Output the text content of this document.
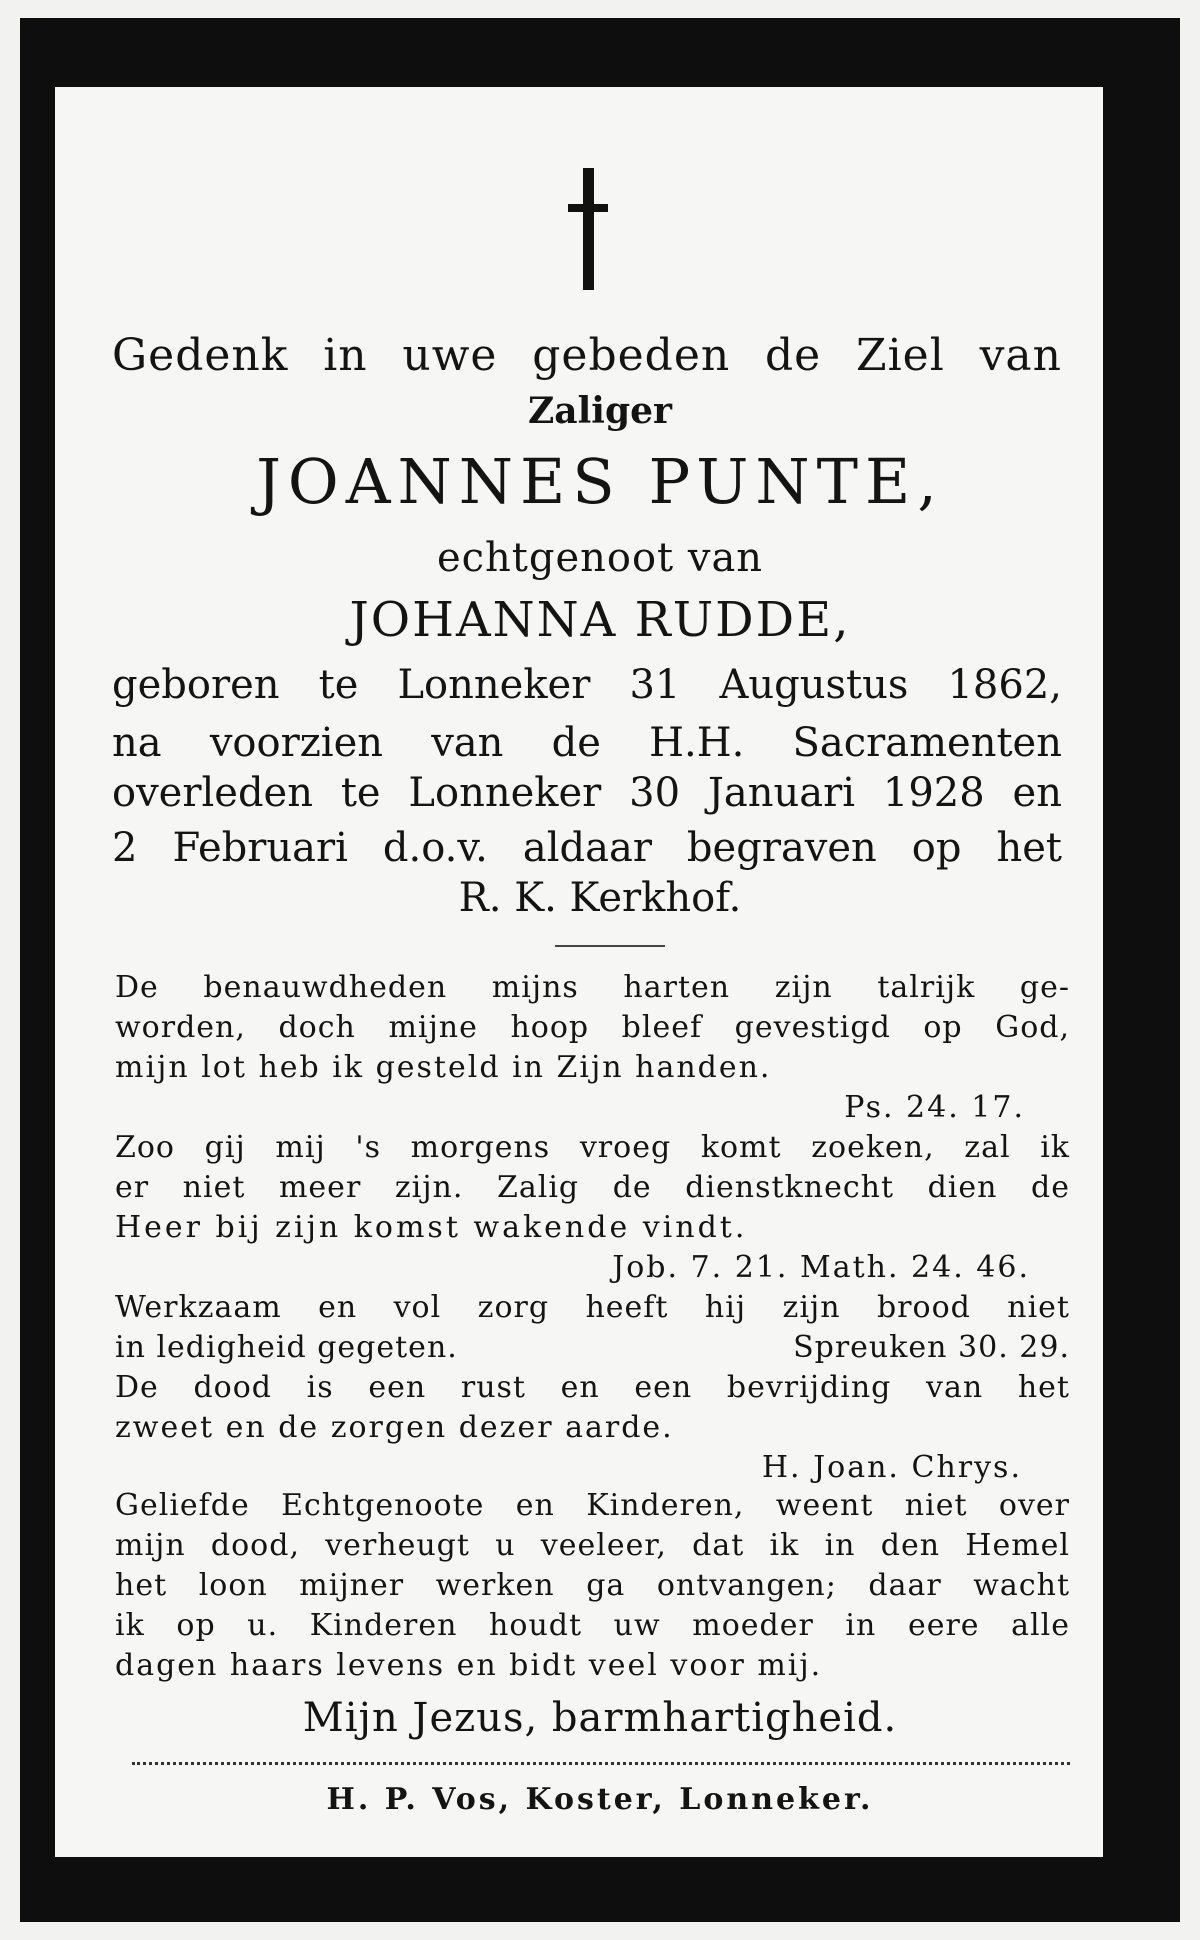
Gedenk in uwe gebeden de Ziel van

Zaliger

JOANNES PUNTE,

echtgenoot van

JOHANNA RUDDE,

geboren te Lonneker 31 Augustus 1862,

na voorzien van de H.H. Sacramenten

overleden te Lonneker 30 Januari 1928 en

2 Februari d.o.v. aldaar begraven op het

R. K. Kerkhof.

De benauwdheden mijns harten zijn talrijk ge-

worden, doch mijne hoop bleef gevestigd op God,

mijn lot heb ik gesteld in Zijn handen.

Ps. 24. 17.

Zoo gij mij 's morgens vroeg komt zoeken, zal ik

er niet meer zijn. Zalig de dienstknecht dien de

Heer bij zijn komst wakende vindt.

Job. 7. 21. Math. 24. 46.

Werkzaam en vol zorg heeft hij zijn brood niet

in ledigheid gegeten.	Spreuken 30. 29.

De dood is een rust en een bevrijding van het

zweet en de zorgen dezer aarde.

H. Joan. Chrys.

Geliefde Echtgenoote en Kinderen, weent niet over

mijn dood, verheugt u veeleer, dat ik in den Hemel

het loon mijner werken ga ontvangen; daar wacht

ik op u. Kinderen houdt uw moeder in eere alle

dagen haars levens en bidt veel voor mij.

Mijn Jezus, barmhartigheid.

H. P. Vos, Koster, Lonneker.
